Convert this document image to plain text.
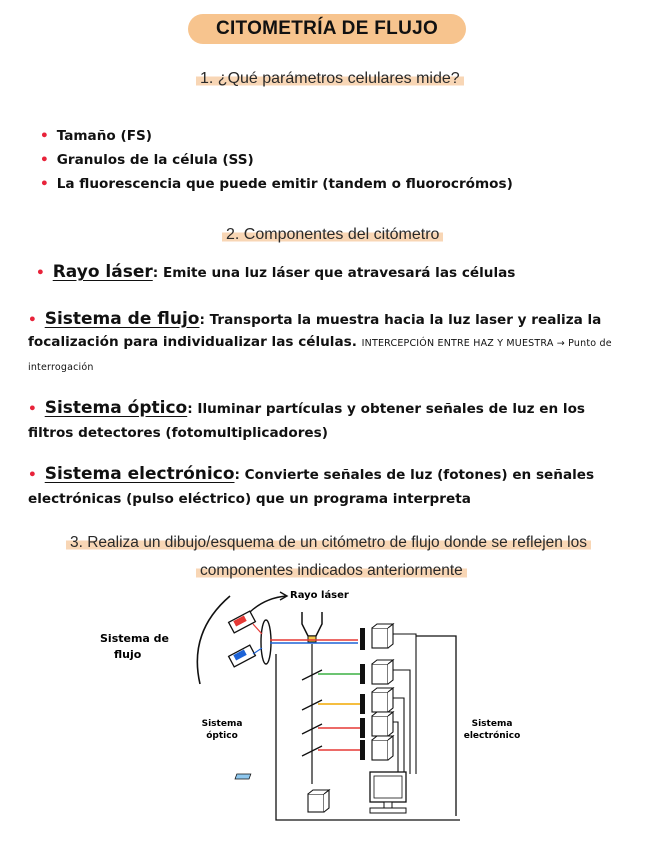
CITOMETRÍA DE FLUJO
1. ¿Qué parámetros celulares mide?
• Tamaño (FS)
• Granulos de la célula (SS)
• La fluorescencia que puede emitir (tandem o fluorocrómos)
2. Componentes del citómetro
• Rayo láser: Emite una luz láser que atravesará las células
• Sistema de flujo: Transporta la muestra hacia la luz laser y realiza la focalización para individualizar las células. INTERCEPCIÓN ENTRE HAZ Y MUESTRA → Punto de interrogación
• Sistema óptico: Iluminar partículas y obtener señales de luz en los filtros detectores (fotomultiplicadores)
• Sistema electrónico: Convierte señales de luz (fotones) en señales electrónicas (pulso eléctrico) que un programa interpreta
3. Realiza un dibujo/esquema de un citómetro de flujo donde se reflejen los
componentes indicados anteriormente
Rayo láser
Sistema de
flujo
Sistema
óptico
Sistema
electrónico
